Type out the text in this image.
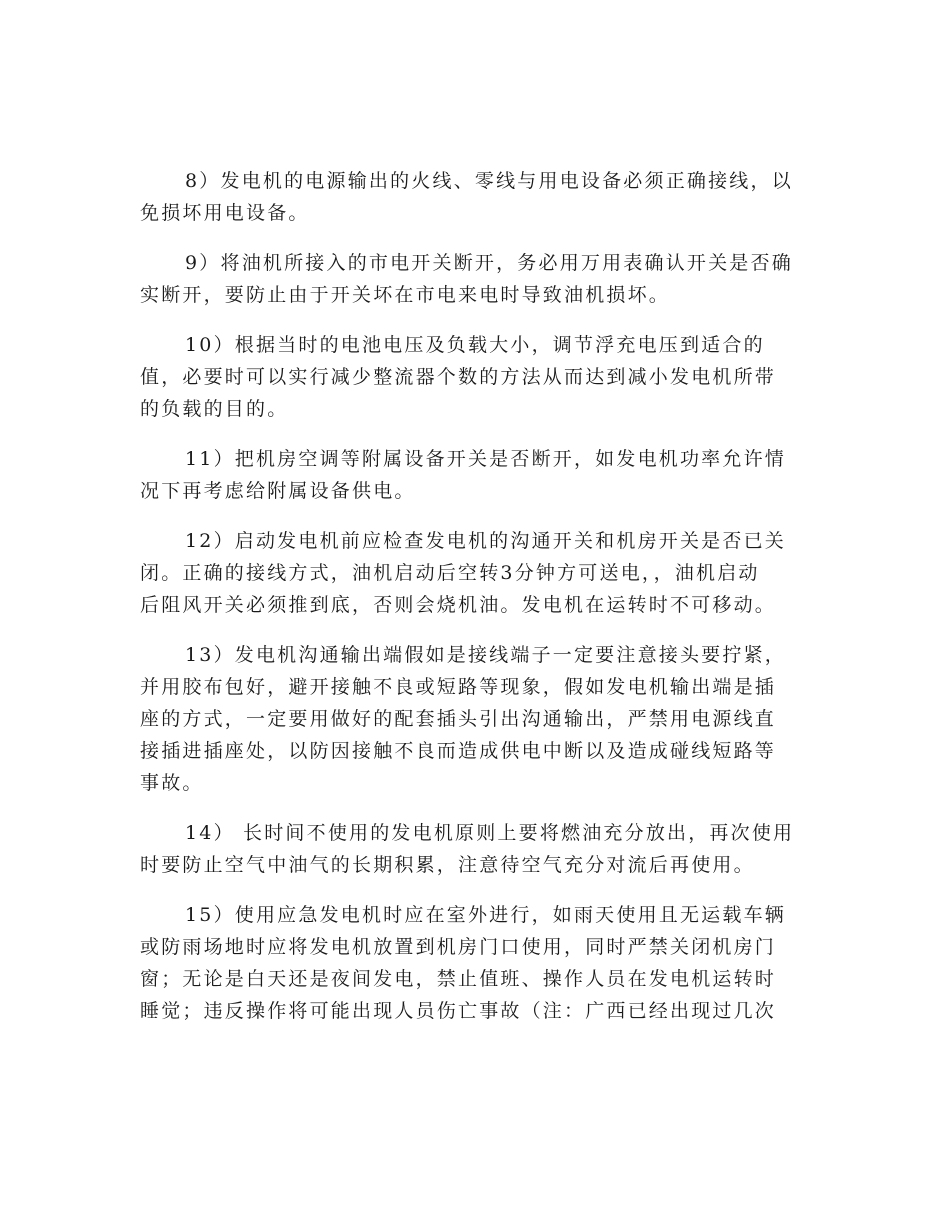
8）发电机的电源输出的火线、零线与用电设备必须正确接线，以
免损坏用电设备。

9）将油机所接入的市电开关断开，务必用万用表确认开关是否确
实断开，要防止由于开关坏在市电来电时导致油机损坏。

10）根据当时的电池电压及负载大小，调节浮充电压到适合的
值，必要时可以实行减少整流器个数的方法从而达到减小发电机所带
的负载的目的。

11）把机房空调等附属设备开关是否断开，如发电机功率允许情
况下再考虑给附属设备供电。

12）启动发电机前应检查发电机的沟通开关和机房开关是否已关
闭。正确的接线方式，油机启动后空转3分钟方可送电，，油机启动
后阻风开关必须推到底，否则会烧机油。发电机在运转时不可移动。

13）发电机沟通输出端假如是接线端子一定要注意接头要拧紧，
并用胶布包好，避开接触不良或短路等现象，假如发电机输出端是插
座的方式，一定要用做好的配套插头引出沟通输出，严禁用电源线直
接插进插座处，以防因接触不良而造成供电中断以及造成碰线短路等
事故。

14） 长时间不使用的发电机原则上要将燃油充分放出，再次使用
时要防止空气中油气的长期积累，注意待空气充分对流后再使用。

15）使用应急发电机时应在室外进行，如雨天使用且无运载车辆
或防雨场地时应将发电机放置到机房门口使用，同时严禁关闭机房门
窗；无论是白天还是夜间发电，禁止值班、操作人员在发电机运转时
睡觉；违反操作将可能出现人员伤亡事故（注：广西已经出现过几次
